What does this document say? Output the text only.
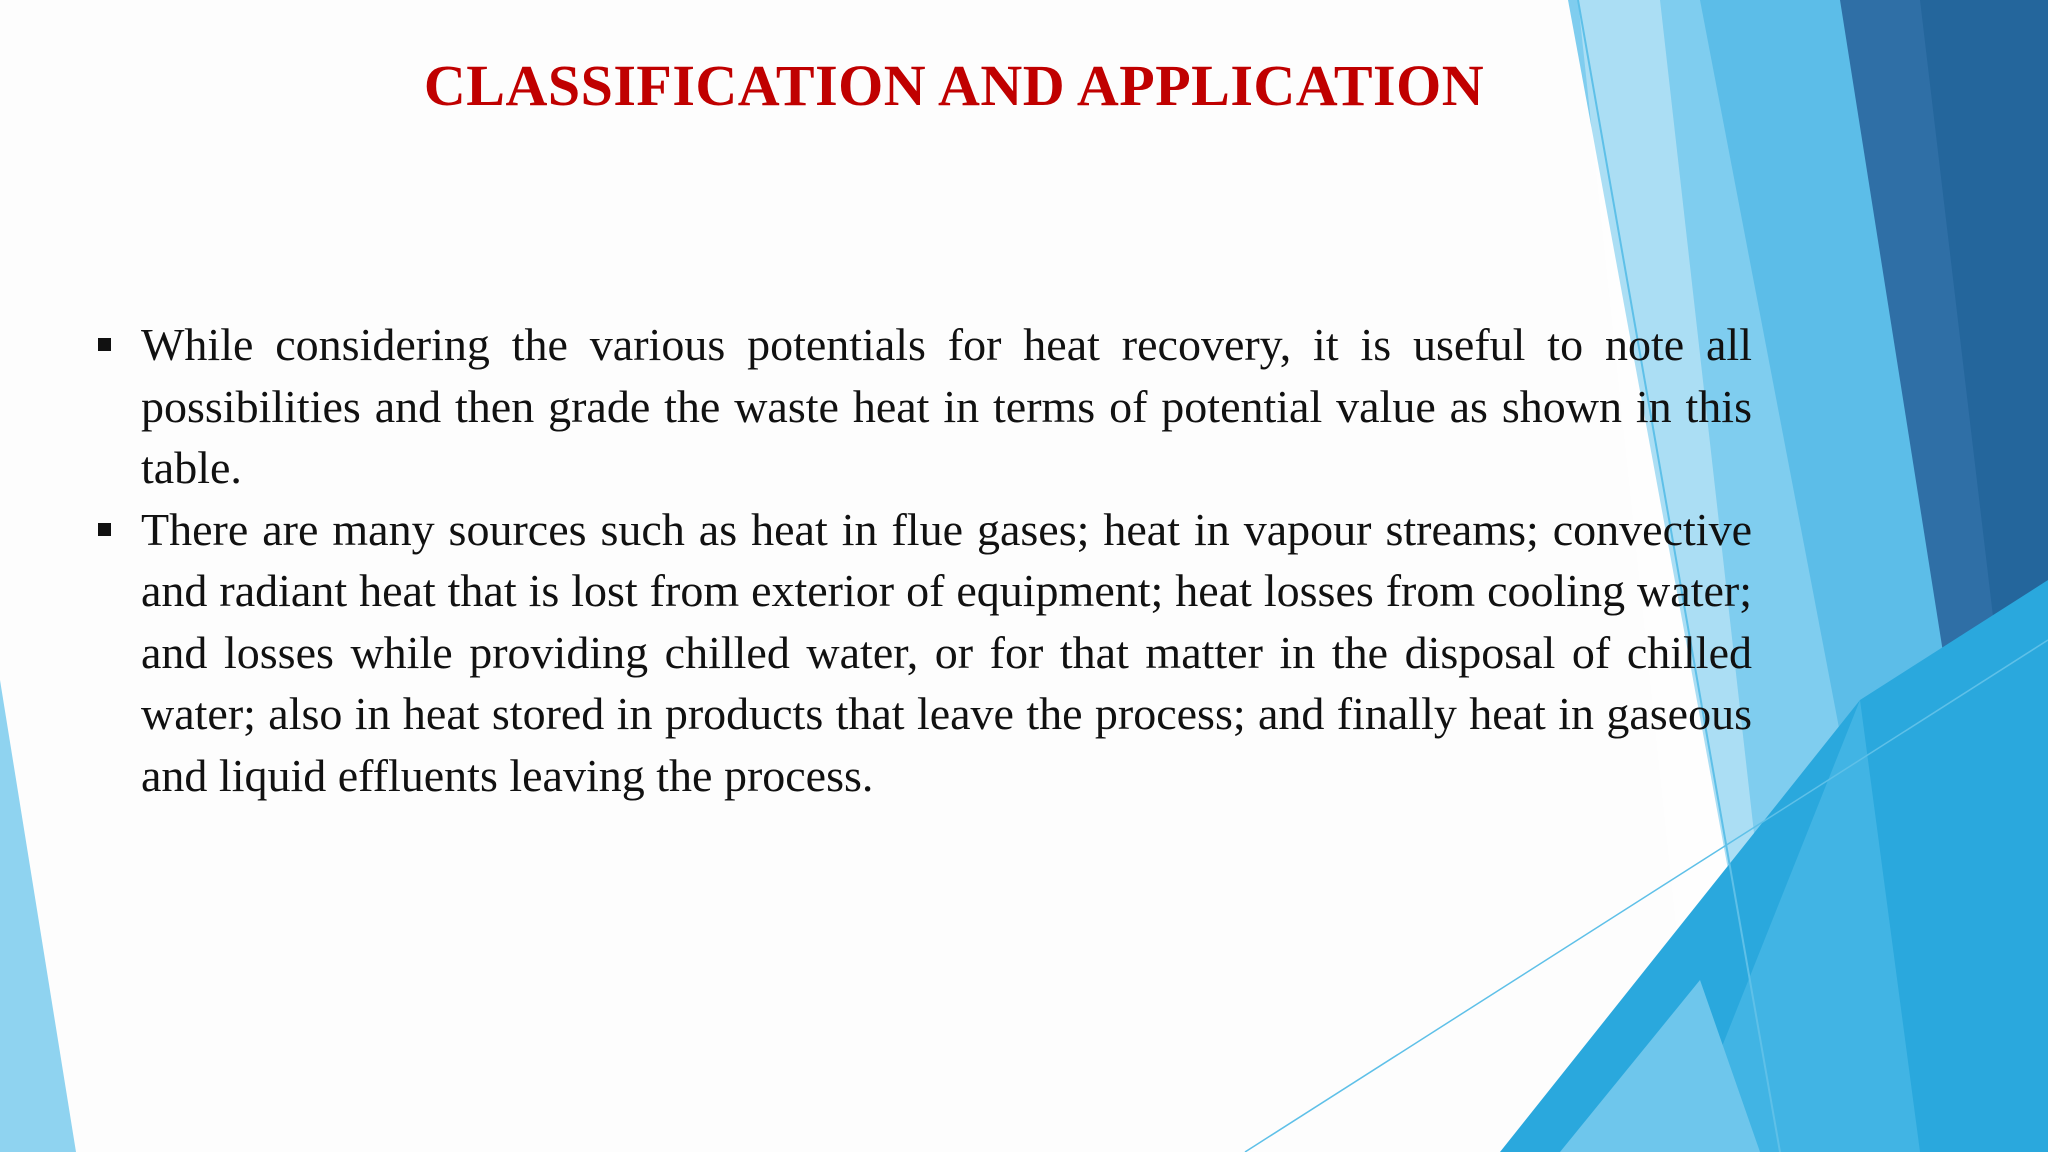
CLASSIFICATION AND APPLICATION
While considering the various potentials for heat recovery, it is useful to note all possibilities and then grade the waste heat in terms of potential value as shown in this table.
There are many sources such as heat in flue gases; heat in vapour streams; convective and radiant heat that is lost from exterior of equipment; heat losses from cooling water; and losses while providing chilled water, or for that matter in the disposal of chilled water; also in heat stored in products that leave the process; and finally heat in gaseous and liquid effluents leaving the process.
